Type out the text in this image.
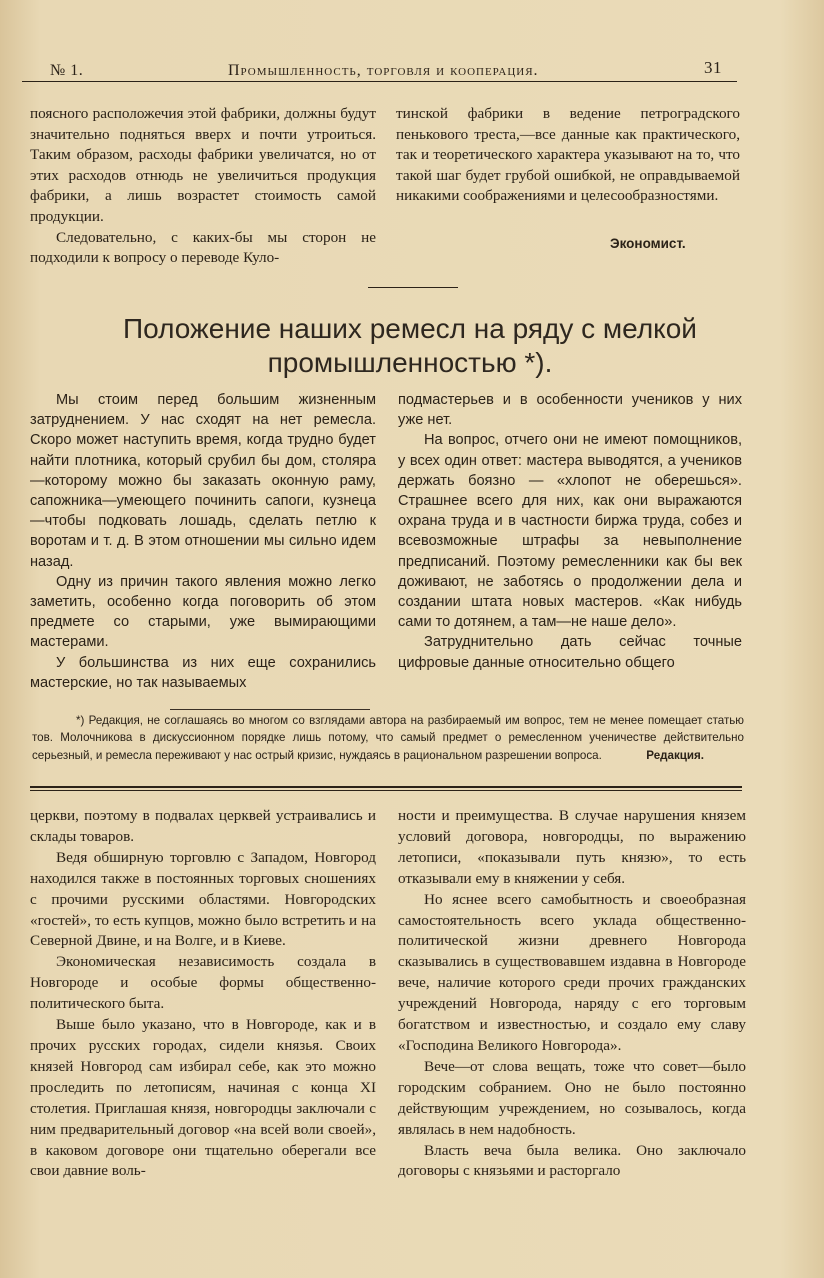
№ 1.	Промышленность, торговля и кооперация.	31

поясного расположечия этой фабрики, должны будут значительно подняться вверх и почти утроиться. Таким образом, расходы фабрики увеличатся, но от этих расходов отнюдь не увеличиться продукция фабрики, а лишь возрастет стоимость самой продукции.

Следовательно, с каких-бы мы сторон не подходили к вопросу о переводе Куло-

тинской фабрики в ведение петроградского пенькового треста,—все данные как практического, так и теоретического характера указывают на то, что такой шаг будет грубой ошибкой, не оправдываемой никакими соображениями и целесообразностями.

Экономист.
Положение наших ремесл на ряду с мелкой промышленностью *).

Мы стоим перед большим жизненным затруднением. У нас сходят на нет ремесла. Скоро может наступить время, когда трудно будет найти плотника, который срубил бы дом, столяра—которому можно бы заказать оконную раму, сапожника—умеющего починить сапоги, кузнеца—чтобы подковать лошадь, сделать петлю к воротам и т. д. В этом отношении мы сильно идем назад.

Одну из причин такого явления можно легко заметить, особенно когда поговорить об этом предмете со старыми, уже вымирающими мастерами.

У большинства из них еще сохранились мастерские, но так называемых

подмастерьев и в особенности учеников у них уже нет.

На вопрос, отчего они не имеют помощников, у всех один ответ: мастера выводятся, а учеников держать боязно — «хлопот не оберешься». Страшнее всего для них, как они выражаются охрана труда и в частности биржа труда, собез и всевозможные штрафы за невыполнение предписаний. Поэтому ремесленники как бы век доживают, не заботясь о продолжении дела и создании штата новых мастеров. «Как нибудь сами то дотянем, а там—не наше дело».

Затруднительно дать сейчас точные цифровые данные относительно общего

*) Редакция, не соглашаясь во многом со взглядами автора на разбираемый им вопрос, тем не менее помещает статью тов. Молочникова в дискуссионном порядке лишь потому, что самый предмет о ремесленном ученичестве действительно серьезный, и ремесла переживают у нас острый кризис, нуждаясь в рациональном разрешении вопроса.	Редакция.

церкви, поэтому в подвалах церквей устраивались и склады товаров.

Ведя обширную торговлю с Западом, Новгород находился также в постоянных торговых сношениях с прочими русскими областями. Новгородских «гостей», то есть купцов, можно было встретить и на Северной Двине, и на Волге, и в Киеве.

Экономическая независимость создала в Новгороде и особые формы общественно-политического быта.

Выше было указано, что в Новгороде, как и в прочих русских городах, сидели князья. Своих князей Новгород сам избирал себе, как это можно проследить по летописям, начиная с конца XI столетия. Приглашая князя, новгородцы заключали с ним предварительный договор «на всей воли своей», в каковом договоре они тщательно оберегали все свои давние воль-

ности и преимущества. В случае нарушения князем условий договора, новгородцы, по выражению летописи, «показывали путь князю», то есть отказывали ему в княжении у себя.

Но яснее всего самобытность и своеобразная самостоятельность всего уклада общественно-политической жизни древнего Новгорода сказывались в существовавшем издавна в Новгороде вече, наличие которого среди прочих гражданских учреждений Новгорода, наряду с его торговым богатством и известностью, и создало ему славу «Господина Великого Новгорода».

Вече—от слова вещать, тоже что совет—было городским собранием. Оно не было постоянно действующим учреждением, но созывалось, когда являлась в нем надобность.

Власть веча была велика. Оно заключало договоры с князьями и расторгало
